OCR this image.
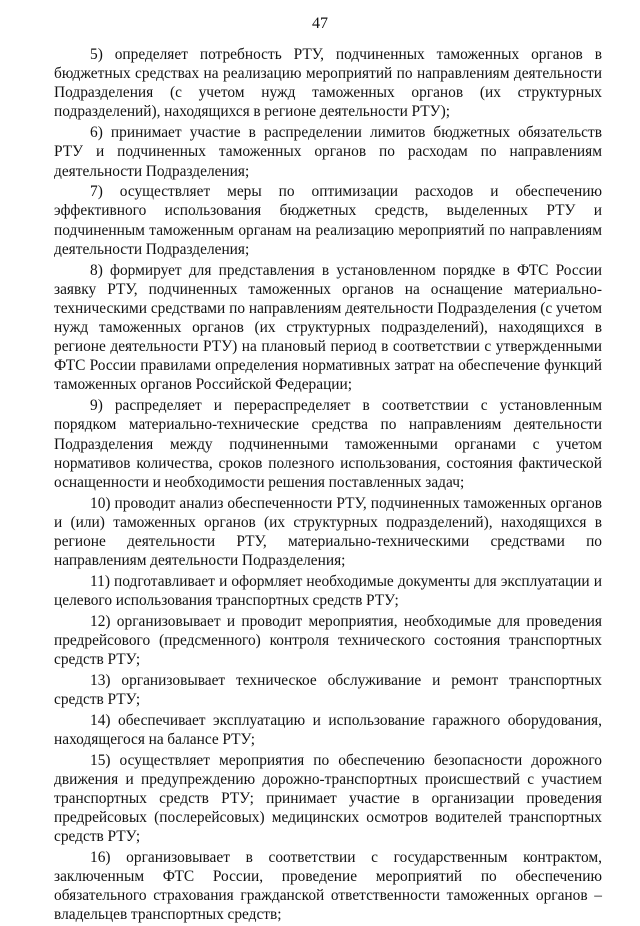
47

5) определяет потребность РТУ, подчиненных таможенных органов в бюджетных средствах на реализацию мероприятий по направлениям деятельности Подразделения (с учетом нужд таможенных органов (их структурных подразделений), находящихся в регионе деятельности РТУ);

6) принимает участие в распределении лимитов бюджетных обязательств РТУ и подчиненных таможенных органов по расходам по направлениям деятельности Подразделения;

7) осуществляет меры по оптимизации расходов и обеспечению эффективного использования бюджетных средств, выделенных РТУ и подчиненным таможенным органам на реализацию мероприятий по направлениям деятельности Подразделения;

8) формирует для представления в установленном порядке в ФТС России заявку РТУ, подчиненных таможенных органов на оснащение материально-техническими средствами по направлениям деятельности Подразделения (с учетом нужд таможенных органов (их структурных подразделений), находящихся в регионе деятельности РТУ) на плановый период в соответствии с утвержденными ФТС России правилами определения нормативных затрат на обеспечение функций таможенных органов Российской Федерации;

9) распределяет и перераспределяет в соответствии с установленным порядком материально-технические средства по направлениям деятельности Подразделения между подчиненными таможенными органами с учетом нормативов количества, сроков полезного использования, состояния фактической оснащенности и необходимости решения поставленных задач;

10) проводит анализ обеспеченности РТУ, подчиненных таможенных органов и (или) таможенных органов (их структурных подразделений), находящихся в регионе деятельности РТУ, материально-техническими средствами по направлениям деятельности Подразделения;

11) подготавливает и оформляет необходимые документы для эксплуатации и целевого использования транспортных средств РТУ;

12) организовывает и проводит мероприятия, необходимые для проведения предрейсового (предсменного) контроля технического состояния транспортных средств РТУ;

13) организовывает техническое обслуживание и ремонт транспортных средств РТУ;

14) обеспечивает эксплуатацию и использование гаражного оборудования, находящегося на балансе РТУ;

15) осуществляет мероприятия по обеспечению безопасности дорожного движения и предупреждению дорожно-транспортных происшествий с участием транспортных средств РТУ; принимает участие в организации проведения предрейсовых (послерейсовых) медицинских осмотров водителей транспортных средств РТУ;

16) организовывает в соответствии с государственным контрактом, заключенным ФТС России, проведение мероприятий по обеспечению обязательного страхования гражданской ответственности таможенных органов – владельцев транспортных средств;
